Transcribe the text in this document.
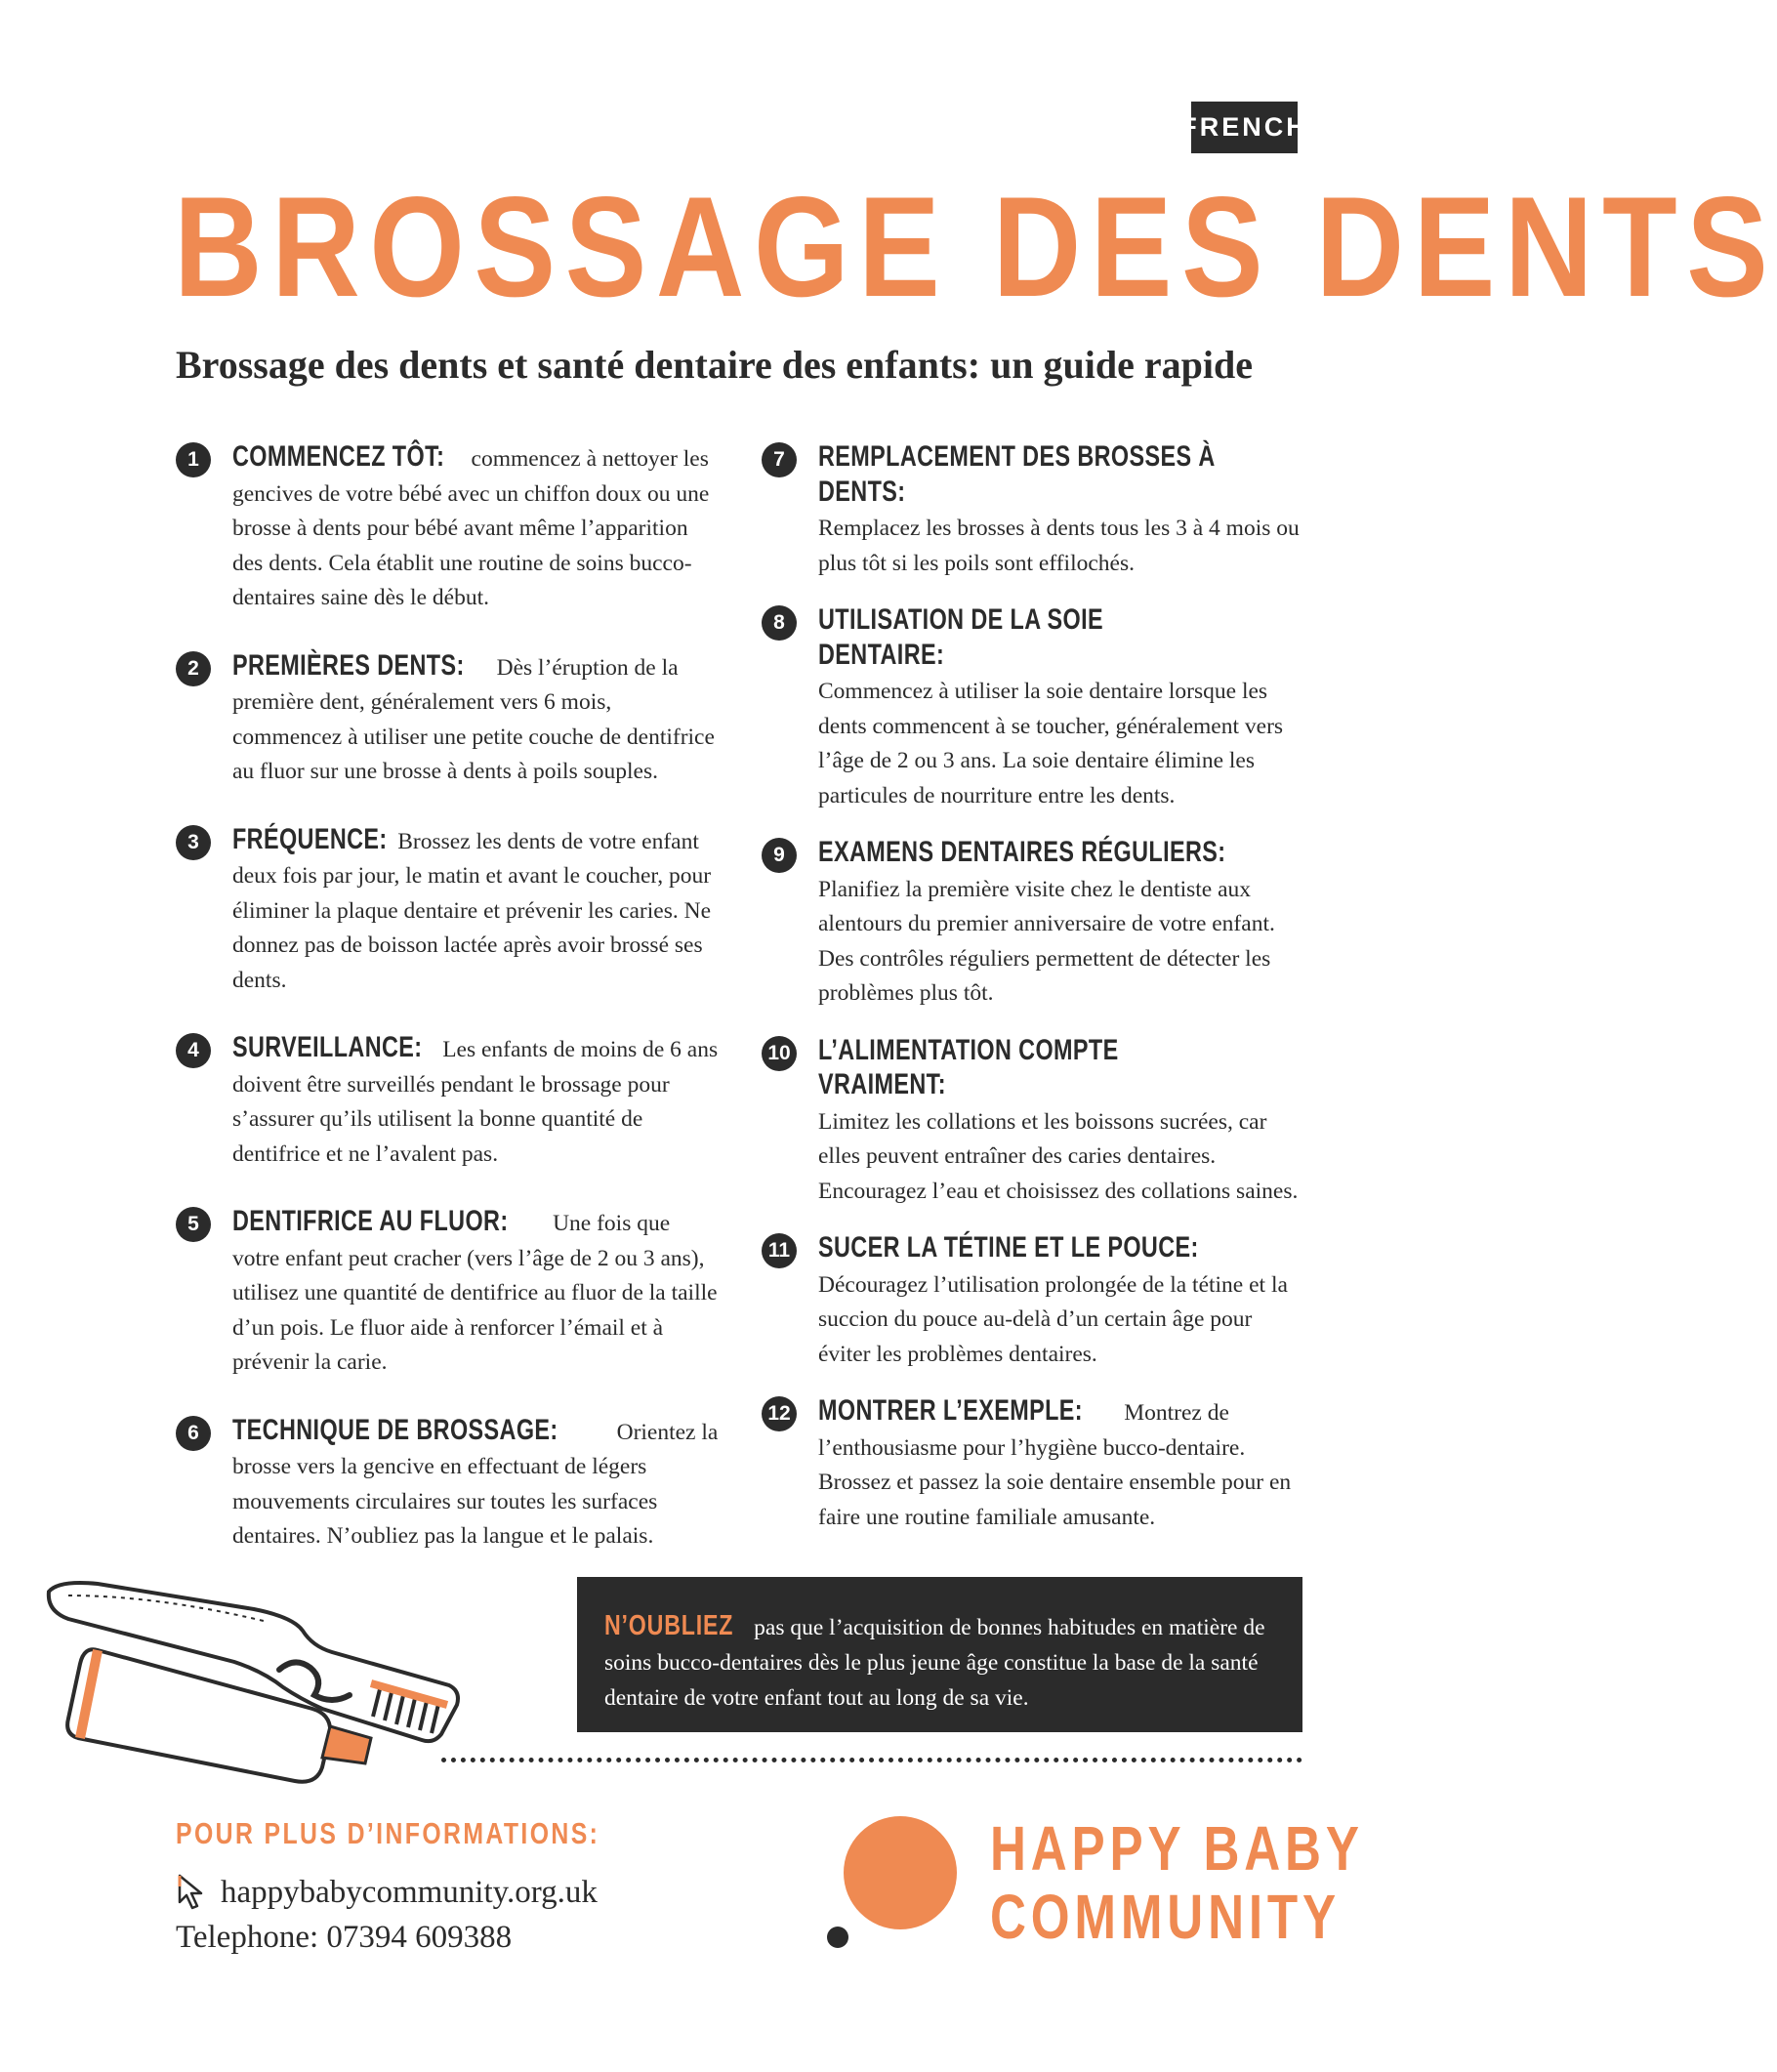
FRENCH
BROSSAGE DES DENTS
Brossage des dents et santé dentaire des enfants: un guide rapide
1	COMMENCEZ TÔT: commencez à nettoyer les gencives de votre bébé avec un chiffon doux ou une brosse à dents pour bébé avant même l’apparition des dents. Cela établit une routine de soins bucco-dentaires saine dès le début.
2	PREMIÈRES DENTS: Dès l’éruption de la première dent, généralement vers 6 mois, commencez à utiliser une petite couche de dentifrice au fluor sur une brosse à dents à poils souples.
3	FRÉQUENCE: Brossez les dents de votre enfant deux fois par jour, le matin et avant le coucher, pour éliminer la plaque dentaire et prévenir les caries. Ne donnez pas de boisson lactée après avoir brossé ses dents.
4	SURVEILLANCE: Les enfants de moins de 6 ans doivent être surveillés pendant le brossage pour s’assurer qu’ils utilisent la bonne quantité de dentifrice et ne l’avalent pas.
5	DENTIFRICE AU FLUOR: Une fois que votre enfant peut cracher (vers l’âge de 2 ou 3 ans), utilisez une quantité de dentifrice au fluor de la taille d’un pois. Le fluor aide à renforcer l’émail et à prévenir la carie.
6	TECHNIQUE DE BROSSAGE:	Orientez la brosse vers la gencive en effectuant de légers mouvements circulaires sur toutes les surfaces dentaires. N’oubliez pas la langue et le palais.
7	REMPLACEMENT DES BROSSES À DENTS: Remplacez les brosses à dents tous les 3 à 4 mois ou plus tôt si les poils sont effilochés.
8	UTILISATION DE LA SOIE DENTAIRE: Commencez à utiliser la soie dentaire lorsque les dents commencent à se toucher, généralement vers l’âge de 2 ou 3 ans. La soie dentaire élimine les particules de nourriture entre les dents.
9	EXAMENS DENTAIRES RÉGULIERS: Planifiez la première visite chez le dentiste aux alentours du premier anniversaire de votre enfant. Des contrôles réguliers permettent de détecter les problèmes plus tôt.
10 L’ALIMENTATION COMPTE VRAIMENT: Limitez les collations et les boissons sucrées, car elles peuvent entraîner des caries dentaires. Encouragez l’eau et choisissez des collations saines.
11 SUCER LA TÉTINE ET LE POUCE: Découragez l’utilisation prolongée de la tétine et la succion du pouce au-delà d’un certain âge pour éviter les problèmes dentaires.
12 MONTRER L’EXEMPLE: Montrez de l’enthousiasme pour l’hygiène bucco-dentaire. Brossez et passez la soie dentaire ensemble pour en faire une routine familiale amusante.
N’OUBLIEZ pas que l’acquisition de bonnes habitudes en matière de soins bucco-dentaires dès le plus jeune âge constitue la base de la santé dentaire de votre enfant tout au long de sa vie.
POUR PLUS D’INFORMATIONS:
happybabycommunity.org.uk
Telephone: 07394 609388
HAPPY BABY
COMMUNITY
